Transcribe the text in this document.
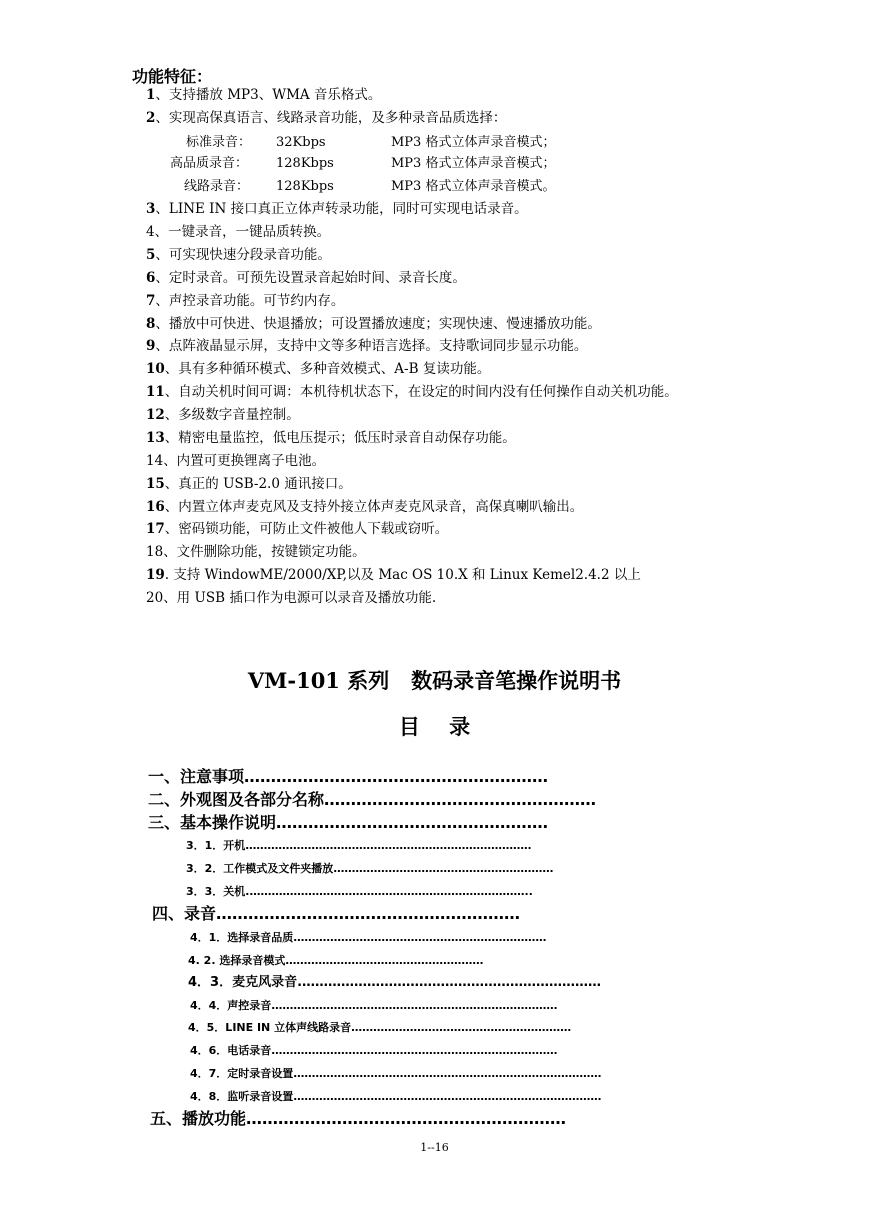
功能特征：
1、支持播放 MP3、WMA 音乐格式。
2、实现高保真语言、线路录音功能，及多种录音品质选择：
标准录音： 32Kbps	MP3 格式立体声录音模式；
高品质录音： 128Kbps	MP3 格式立体声录音模式；
线路录音： 128Kbps	MP3 格式立体声录音模式。
3、LINE IN 接口真正立体声转录功能，同时可实现电话录音。
4、一键录音，一键品质转换。
5、可实现快速分段录音功能。
6、定时录音。可预先设置录音起始时间、录音长度。
7、声控录音功能。可节约内存。
8、播放中可快进、快退播放；可设置播放速度；实现快速、慢速播放功能。
9、点阵液晶显示屏，支持中文等多种语言选择。支持歌词同步显示功能。
10、具有多种循环模式、多种音效模式、A-B 复读功能。
11、自动关机时间可调：本机待机状态下，在设定的时间内没有任何操作自动关机功能。
12、多级数字音量控制。
13、精密电量监控，低电压提示；低压时录音自动保存功能。
14、内置可更换锂离子电池。
15、真正的 USB-2.0 通讯接口。
16、内置立体声麦克风及支持外接立体声麦克风录音，高保真喇叭输出。
17、密码锁功能，可防止文件被他人下载或窃听。
18、文件删除功能，按键锁定功能。
19. 支持 WindowME/2000/XP,以及 Mac OS 10.X 和 Linux Kemel2.4.2 以上
20、用 USB 插口作为电源可以录音及播放功能.
VM-101 系列   数码录音笔操作说明书
目    录
一、注意事项…………………………………………………
二、外观图及各部分名称……………………………………………
三、基本操作说明……………………………………………
3．1．开机……………………………………………………………………
3．2．工作模式及文件夹播放……………………………………………………
3．3．关机.…………………………………………………………………..
四、录音…………………………………………………
4．1．选择录音品质……………………………………………………………
4. 2. 选择录音模式………………………………………………
4．3．麦克风录音.……………………………………………………………
4．4．声控录音……………………………………………………………………
4．5．LINE IN 立体声线路录音……………………………………………………
4．6．电话录音……………………………………………………………………
4．7．定时录音设置…………………………………………………………………………
4．8．监听录音设置…………………………………………………………………………
五、播放功能……………………………………………………
1--16
